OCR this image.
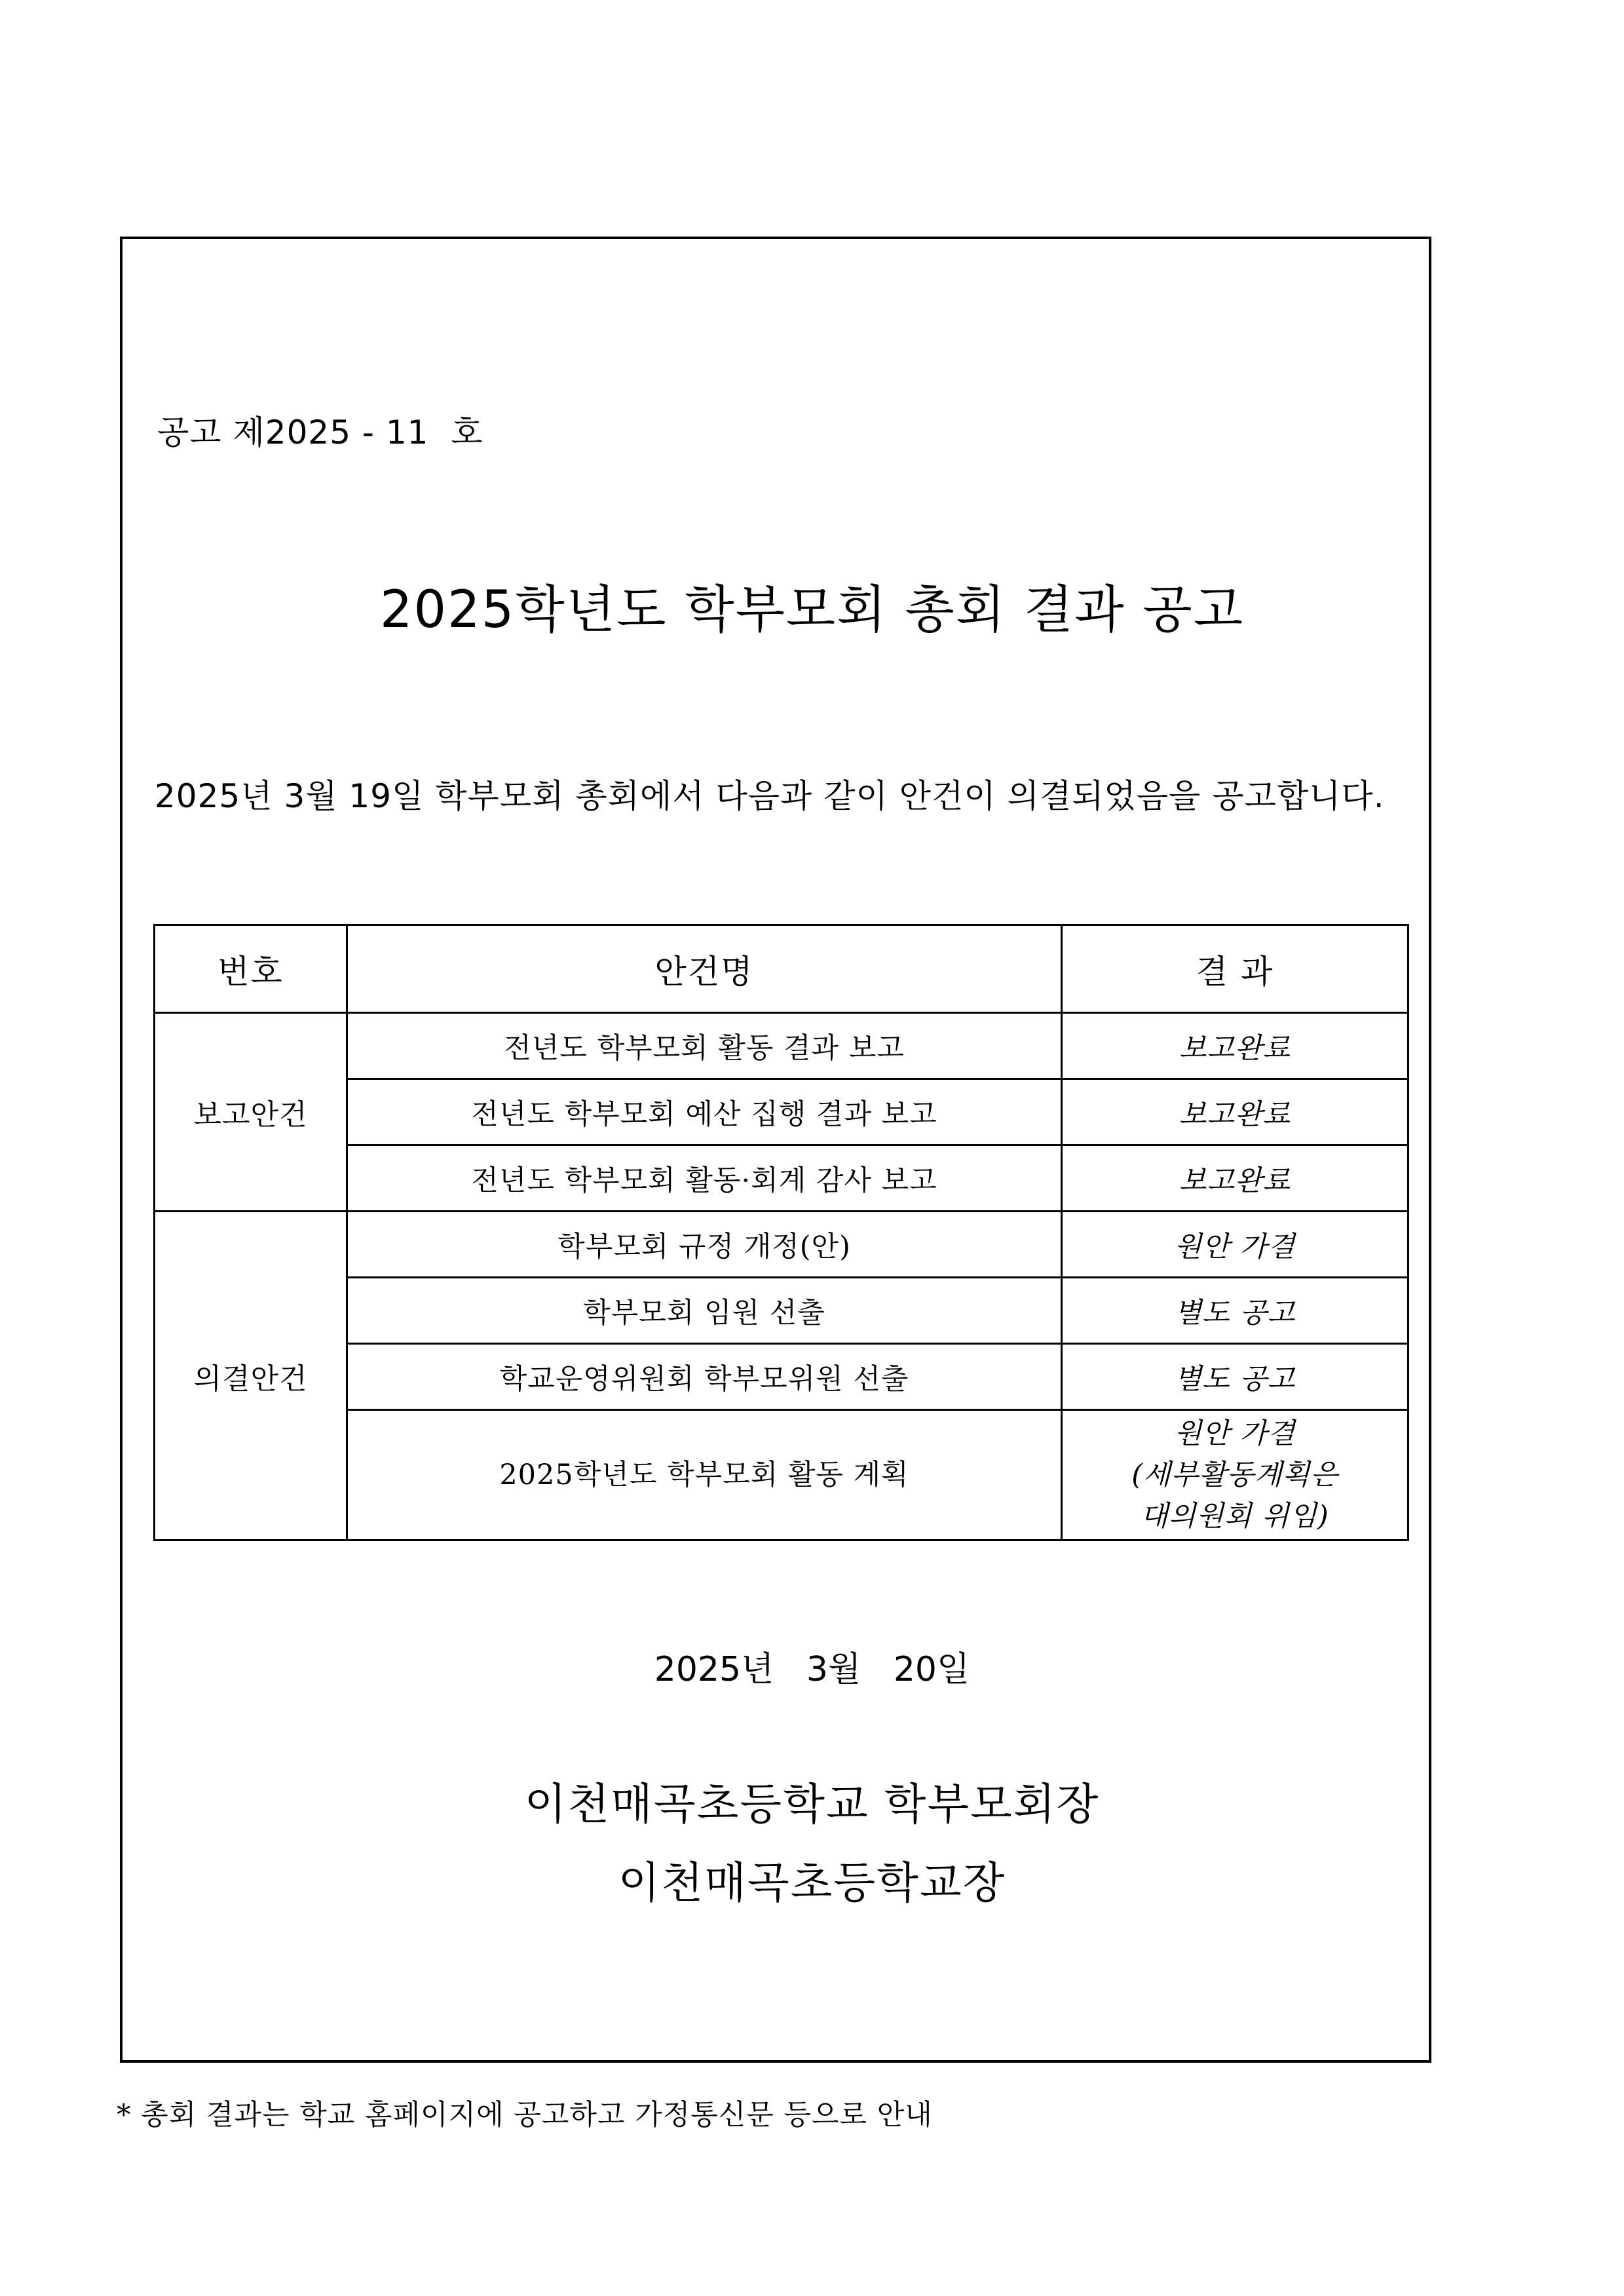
공고 제2025 - 11  호
2025학년도 학부모회 총회 결과 공고
2025년 3월 19일 학부모회 총회에서 다음과 같이 안건이 의결되었음을 공고합니다.
번호	안건명	결 과
보고안건	전년도 학부모회 활동 결과 보고	보고완료
	전년도 학부모회 예산 집행 결과 보고	보고완료
	전년도 학부모회 활동·회계 감사 보고	보고완료
의결안건	학부모회 규정 개정(안)	원안 가결
	학부모회 임원 선출	별도 공고
	학교운영위원회 학부모위원 선출	별도 공고
	2025학년도 학부모회 활동 계획	원안 가결
(세부활동계획은
대의원회 위임)
2025년   3월   20일
이천매곡초등학교 학부모회장
이천매곡초등학교장
* 총회 결과는 학교 홈페이지에 공고하고 가정통신문 등으로 안내
